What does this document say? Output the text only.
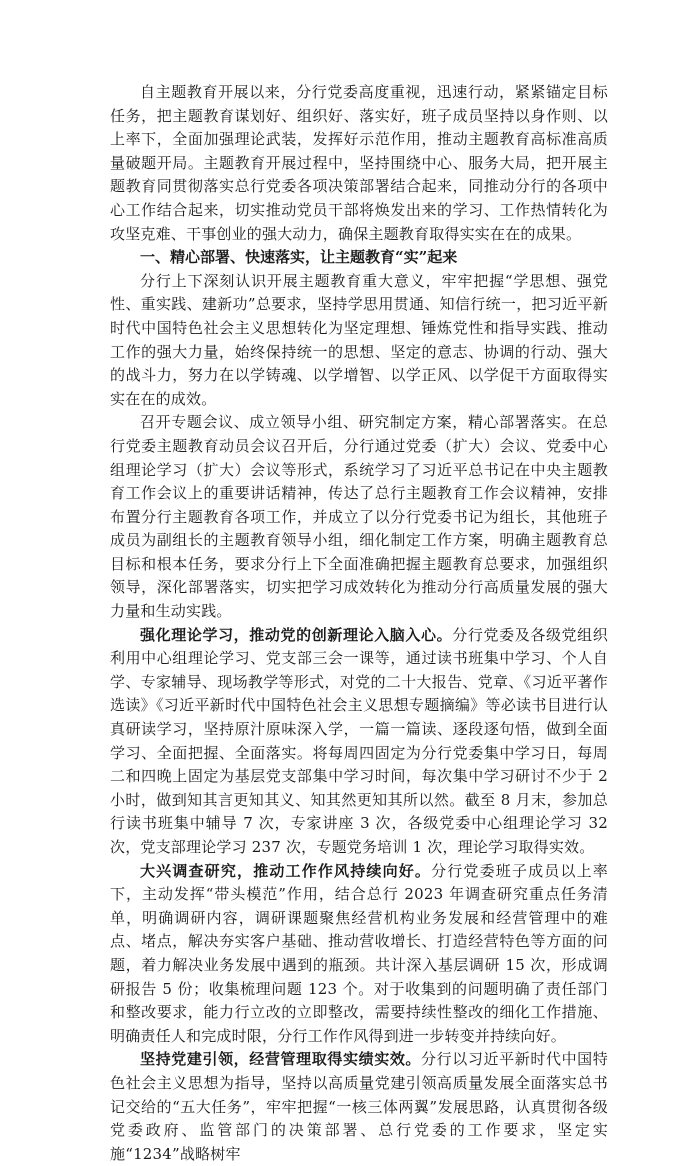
自主题教育开展以来，分行党委高度重视，迅速行动，紧紧锚定目标任务，把主题教育谋划好、组织好、落实好，班子成员坚持以身作则、以上率下，全面加强理论武装，发挥好示范作用，推动主题教育高标准高质量破题开局。主题教育开展过程中，坚持围绕中心、服务大局，把开展主题教育同贯彻落实总行党委各项决策部署结合起来，同推动分行的各项中心工作结合起来，切实推动党员干部将焕发出来的学习、工作热情转化为攻坚克难、干事创业的强大动力，确保主题教育取得实实在在的成果。

一、精心部署、快速落实，让主题教育“实”起来

分行上下深刻认识开展主题教育重大意义，牢牢把握“学思想、强党性、重实践、建新功”总要求，坚持学思用贯通、知信行统一，把习近平新时代中国特色社会主义思想转化为坚定理想、锤炼党性和指导实践、推动工作的强大力量，始终保持统一的思想、坚定的意志、协调的行动、强大的战斗力，努力在以学铸魂、以学增智、以学正风、以学促干方面取得实实在在的成效。

召开专题会议、成立领导小组、研究制定方案，精心部署落实。在总行党委主题教育动员会议召开后，分行通过党委（扩大）会议、党委中心组理论学习（扩大）会议等形式，系统学习了习近平总书记在中央主题教育工作会议上的重要讲话精神，传达了总行主题教育工作会议精神，安排布置分行主题教育各项工作，并成立了以分行党委书记为组长，其他班子成员为副组长的主题教育领导小组，细化制定工作方案，明确主题教育总目标和根本任务，要求分行上下全面准确把握主题教育总要求，加强组织领导，深化部署落实，切实把学习成效转化为推动分行高质量发展的强大力量和生动实践。

强化理论学习，推动党的创新理论入脑入心。分行党委及各级党组织利用中心组理论学习、党支部三会一课等，通过读书班集中学习、个人自学、专家辅导、现场教学等形式，对党的二十大报告、党章、《习近平著作选读》《习近平新时代中国特色社会主义思想专题摘编》等必读书目进行认真研读学习，坚持原汁原味深入学，一篇一篇读、逐段逐句悟，做到全面学习、全面把握、全面落实。将每周四固定为分行党委集中学习日，每周二和四晚上固定为基层党支部集中学习时间，每次集中学习研讨不少于 2 小时，做到知其言更知其义、知其然更知其所以然。截至 8 月末，参加总行读书班集中辅导 7 次，专家讲座 3 次，各级党委中心组理论学习 32 次，党支部理论学习 237 次，专题党务培训 1 次，理论学习取得实效。

大兴调查研究，推动工作作风持续向好。分行党委班子成员以上率下，主动发挥“带头模范”作用，结合总行 2023 年调查研究重点任务清单，明确调研内容，调研课题聚焦经营机构业务发展和经营管理中的难点、堵点，解决夯实客户基础、推动营收增长、打造经营特色等方面的问题，着力解决业务发展中遇到的瓶颈。共计深入基层调研 15 次，形成调研报告 5 份；收集梳理问题 123 个。对于收集到的问题明确了责任部门和整改要求，能力行立改的立即整改，需要持续性整改的细化工作措施、明确责任人和完成时限，分行工作作风得到进一步转变并持续向好。

坚持党建引领，经营管理取得实绩实效。分行以习近平新时代中国特色社会主义思想为指导，坚持以高质量党建引领高质量发展全面落实总书记交给的“五大任务”，牢牢把握“一核三体两翼”发展思路，认真贯彻各级党委政府、监管部门的决策部署、总行党委的工作要求，坚定实施“1234”战略树牢
